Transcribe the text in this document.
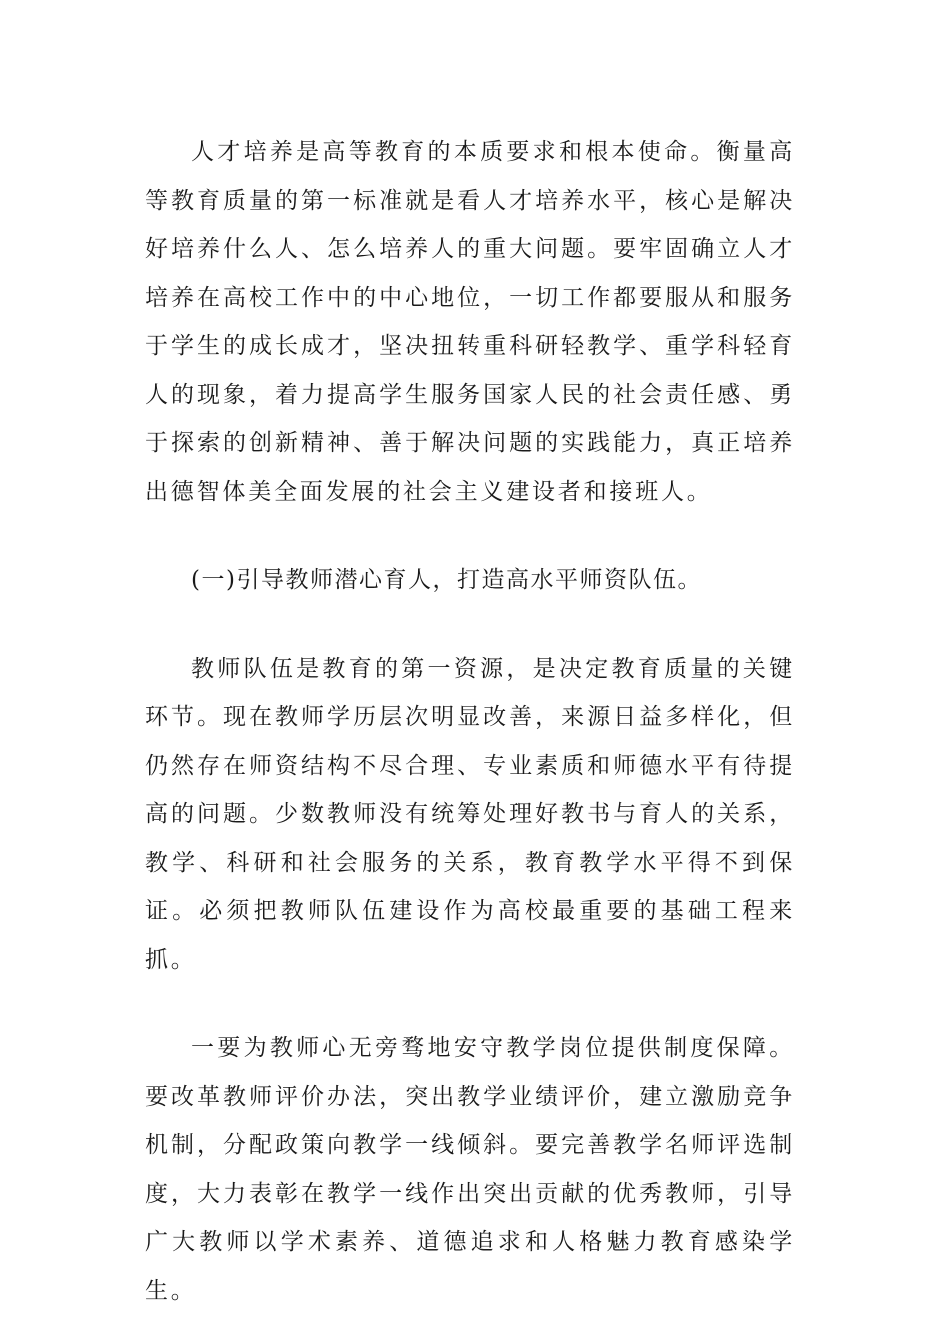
人才培养是高等教育的本质要求和根本使命。衡量高等教育质量的第一标准就是看人才培养水平，核心是解决好培养什么人、怎么培养人的重大问题。要牢固确立人才培养在高校工作中的中心地位，一切工作都要服从和服务于学生的成长成才，坚决扭转重科研轻教学、重学科轻育人的现象，着力提高学生服务国家人民的社会责任感、勇于探索的创新精神、善于解决问题的实践能力，真正培养出德智体美全面发展的社会主义建设者和接班人。

(一)引导教师潜心育人，打造高水平师资队伍。

教师队伍是教育的第一资源，是决定教育质量的关键环节。现在教师学历层次明显改善，来源日益多样化，但仍然存在师资结构不尽合理、专业素质和师德水平有待提高的问题。少数教师没有统筹处理好教书与育人的关系，教学、科研和社会服务的关系，教育教学水平得不到保证。必须把教师队伍建设作为高校最重要的基础工程来抓。

一要为教师心无旁骛地安守教学岗位提供制度保障。要改革教师评价办法，突出教学业绩评价，建立激励竞争机制，分配政策向教学一线倾斜。要完善教学名师评选制度，大力表彰在教学一线作出突出贡献的优秀教师，引导广大教师以学术素养、道德追求和人格魅力教育感染学生。
